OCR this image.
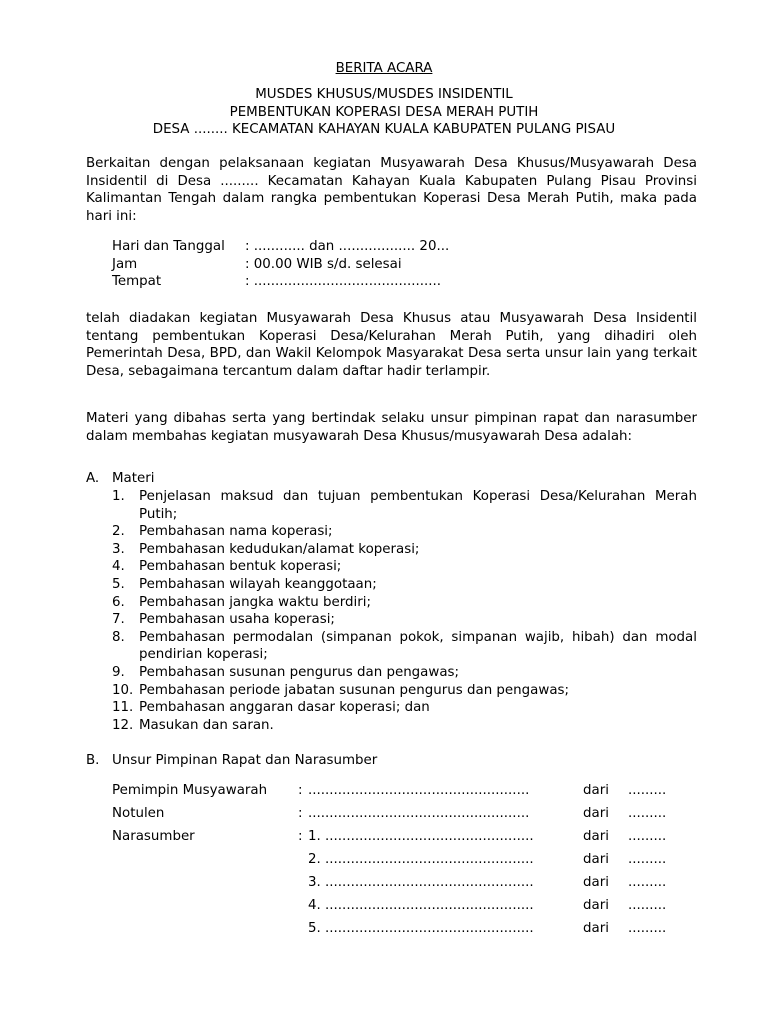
BERITA ACARA
MUSDES KHUSUS/MUSDES INSIDENTIL
PEMBENTUKAN KOPERASI DESA MERAH PUTIH
DESA ........ KECAMATAN KAHAYAN KUALA KABUPATEN PULANG PISAU
Berkaitan dengan pelaksanaan kegiatan Musyawarah Desa Khusus/Musyawarah Desa Insidentil di Desa ......... Kecamatan Kahayan Kuala Kabupaten Pulang Pisau Provinsi Kalimantan Tengah dalam rangka pembentukan Koperasi Desa Merah Putih, maka pada hari ini:
Hari dan Tanggal : ............ dan .................. 20...
Jam	: 00.00 WIB s/d. selesai
Tempat	: ............................................
telah diadakan kegiatan Musyawarah Desa Khusus atau Musyawarah Desa Insidentil tentang pembentukan Koperasi Desa/Kelurahan Merah Putih, yang dihadiri oleh Pemerintah Desa, BPD, dan Wakil Kelompok Masyarakat Desa serta unsur lain yang terkait Desa, sebagaimana tercantum dalam daftar hadir terlampir.
Materi yang dibahas serta yang bertindak selaku unsur pimpinan rapat dan narasumber dalam membahas kegiatan musyawarah Desa Khusus/musyawarah Desa adalah:
A. Materi
1. Penjelasan maksud dan tujuan pembentukan Koperasi Desa/Kelurahan Merah Putih;
2. Pembahasan nama koperasi;
3. Pembahasan kedudukan/alamat koperasi;
4. Pembahasan bentuk koperasi;
5. Pembahasan wilayah keanggotaan;
6. Pembahasan jangka waktu berdiri;
7. Pembahasan usaha koperasi;
8. Pembahasan permodalan (simpanan pokok, simpanan wajib, hibah) dan modal pendirian koperasi;
9. Pembahasan susunan pengurus dan pengawas;
10. Pembahasan periode jabatan susunan pengurus dan pengawas;
11. Pembahasan anggaran dasar koperasi; dan
12. Masukan dan saran.
B. Unsur Pimpinan Rapat dan Narasumber
Pemimpin Musyawarah : ....................................................	dari .........
Notulen	: ....................................................	dari .........
Narasumber	: 1. .................................................	dari .........
2. .................................................	dari .........
3. .................................................	dari .........
4. .................................................	dari .........
5. .................................................	dari .........
